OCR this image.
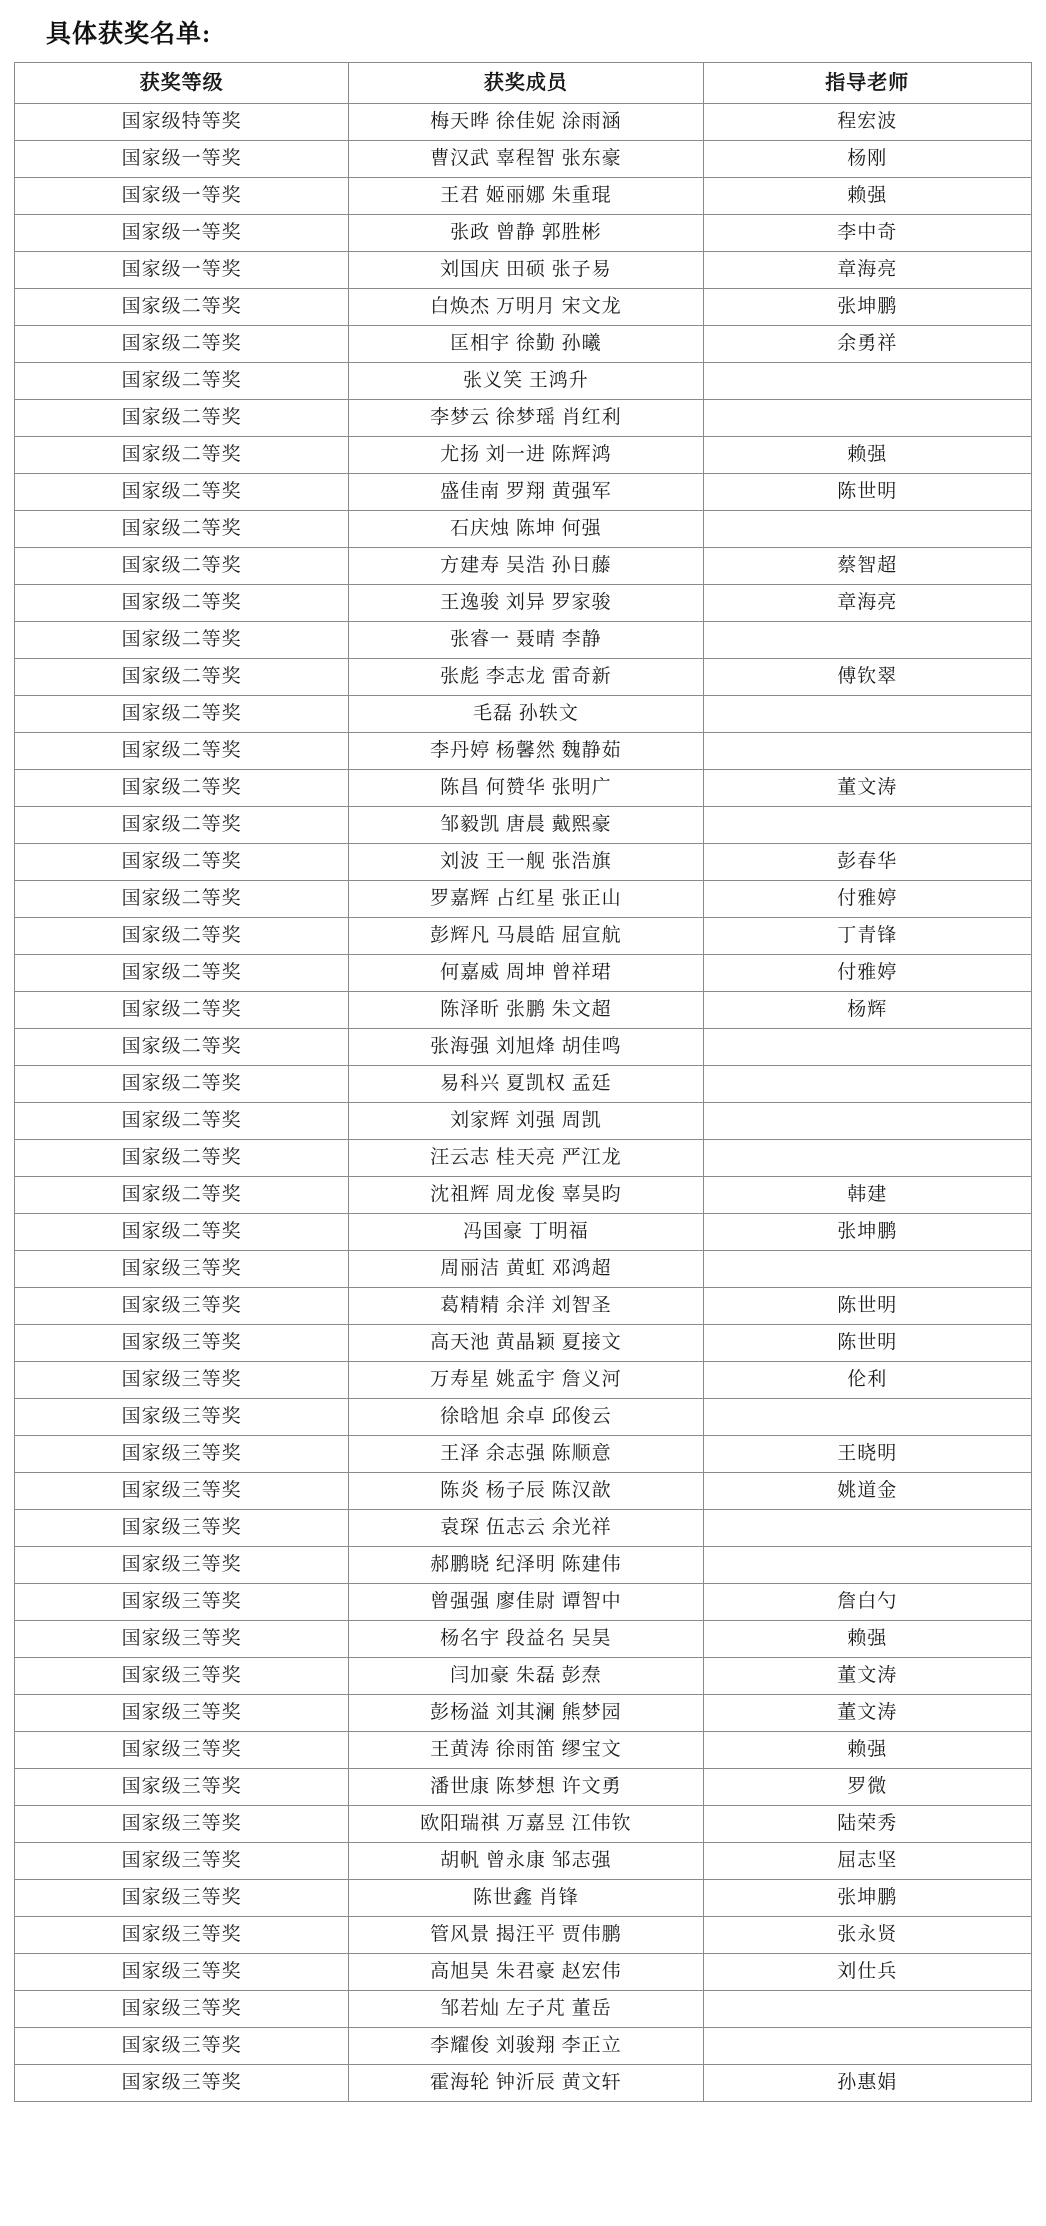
具体获奖名单:
获奖等级	获奖成员	指导老师
国家级特等奖	梅天晔 徐佳妮 涂雨涵	程宏波
国家级一等奖	曹汉武 辜程智 张东豪	杨刚
国家级一等奖	王君 姬丽娜 朱重琨	赖强
国家级一等奖	张政 曾静 郭胜彬	李中奇
国家级一等奖	刘国庆 田硕 张子易	章海亮
国家级二等奖	白焕杰 万明月 宋文龙	张坤鹏
国家级二等奖	匡相宇 徐勤 孙曦	余勇祥
国家级二等奖	张义笑 王鸿升	
国家级二等奖	李梦云 徐梦瑶 肖红利	
国家级二等奖	尤扬 刘一进 陈辉鸿	赖强
国家级二等奖	盛佳南 罗翔 黄强军	陈世明
国家级二等奖	石庆烛 陈坤 何强	
国家级二等奖	方建寿 吴浩 孙日藤	蔡智超
国家级二等奖	王逸骏 刘异 罗家骏	章海亮
国家级二等奖	张睿一 聂晴 李静	
国家级二等奖	张彪 李志龙 雷奇新	傅钦翠
国家级二等奖	毛磊 孙轶文	
国家级二等奖	李丹婷 杨馨然 魏静茹	
国家级二等奖	陈昌 何赞华 张明广	董文涛
国家级二等奖	邹毅凯 唐晨 戴熙豪	
国家级二等奖	刘波 王一舰 张浩旗	彭春华
国家级二等奖	罗嘉辉 占红星 张正山	付雅婷
国家级二等奖	彭辉凡 马晨皓 屈宣航	丁青锋
国家级二等奖	何嘉威 周坤 曾祥珺	付雅婷
国家级二等奖	陈泽昕 张鹏 朱文超	杨辉
国家级二等奖	张海强 刘旭烽 胡佳鸣	
国家级二等奖	易科兴 夏凯权 孟廷	
国家级二等奖	刘家辉 刘强 周凯	
国家级二等奖	汪云志 桂天亮 严江龙	
国家级二等奖	沈祖辉 周龙俊 辜昊昀	韩建
国家级二等奖	冯国豪 丁明福	张坤鹏
国家级三等奖	周丽洁 黄虹 邓鸿超	
国家级三等奖	葛精精 余洋 刘智圣	陈世明
国家级三等奖	高天池 黄晶颖 夏接文	陈世明
国家级三等奖	万寿星 姚孟宇 詹义河	伦利
国家级三等奖	徐晗旭 余卓 邱俊云	
国家级三等奖	王泽 余志强 陈顺意	王晓明
国家级三等奖	陈炎 杨子辰 陈汉歆	姚道金
国家级三等奖	袁琛 伍志云 余光祥	
国家级三等奖	郝鹏晓 纪泽明 陈建伟	
国家级三等奖	曾强强 廖佳尉 谭智中	詹白勺
国家级三等奖	杨名宇 段益名 吴昊	赖强
国家级三等奖	闫加豪 朱磊 彭焘	董文涛
国家级三等奖	彭杨溢 刘其澜 熊梦园	董文涛
国家级三等奖	王黄涛 徐雨笛 缪宝文	赖强
国家级三等奖	潘世康 陈梦想 许文勇	罗微
国家级三等奖	欧阳瑞祺 万嘉昱 江伟钦	陆荣秀
国家级三等奖	胡帆 曾永康 邹志强	屈志坚
国家级三等奖	陈世鑫 肖锋	张坤鹏
国家级三等奖	管风景 揭汪平 贾伟鹏	张永贤
国家级三等奖	高旭昊 朱君豪 赵宏伟	刘仕兵
国家级三等奖	邹若灿 左子芃 董岳	
国家级三等奖	李耀俊 刘骏翔 李正立	
国家级三等奖	霍海轮 钟沂辰 黄文轩	孙惠娟
